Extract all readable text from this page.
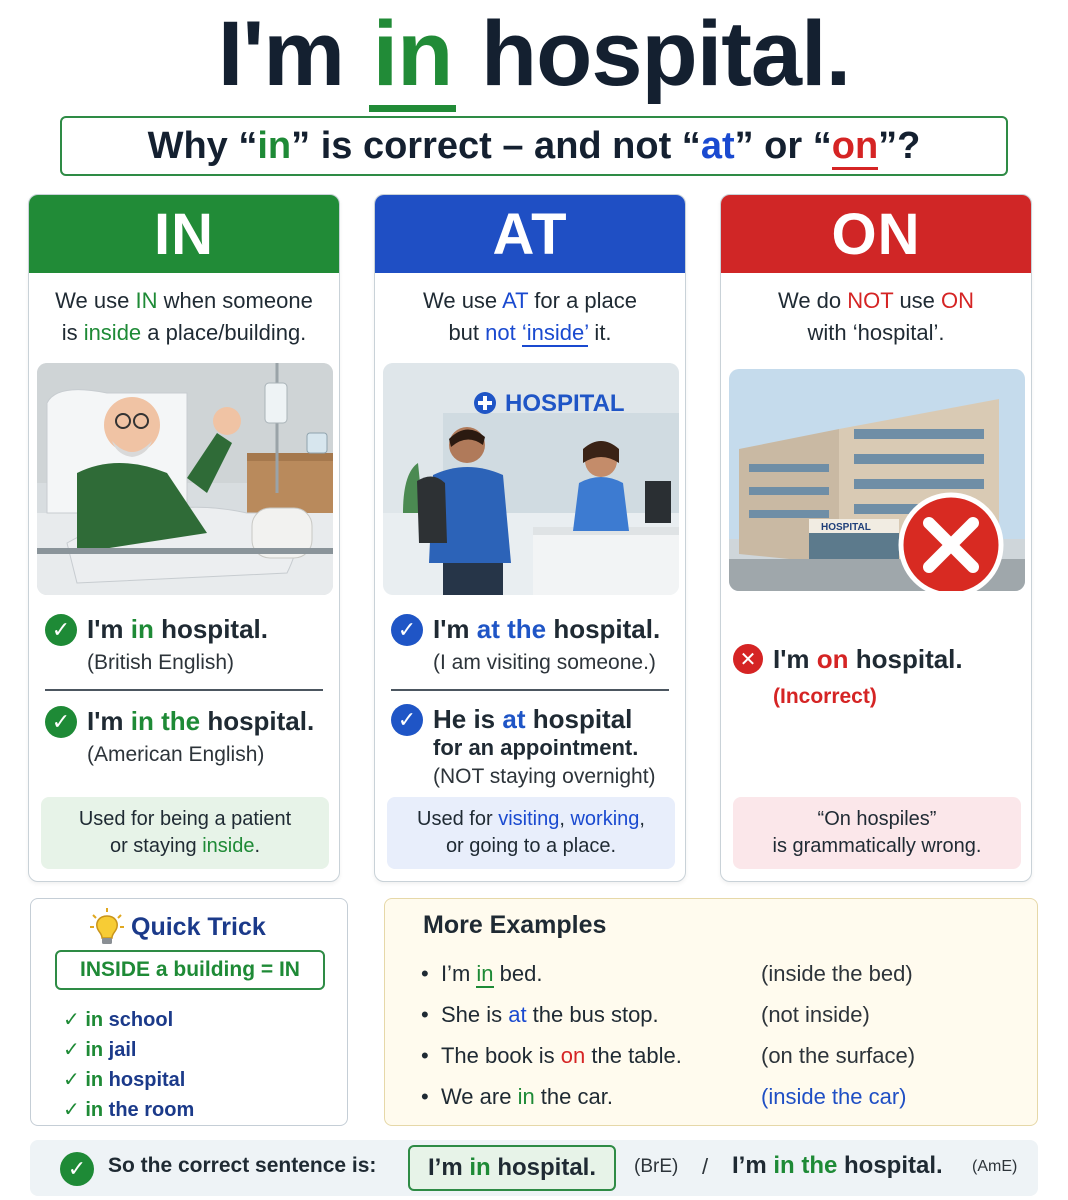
I'm in hospital.
Why “in” is correct – and not “at” or “on”?
IN
We use IN when someone
is inside a place/building.
✓ I'm in hospital.
(British English)
✓ I'm in the hospital.
(American English)
Used for being a patient
or staying inside.
AT
We use AT for a place
but not ‘inside’ it.
HOSPITAL
✓ I'm at the hospital.
(I am visiting someone.)
✓ He is at hospital
for an appointment.
(NOT staying overnight)
Used for visiting, working,
or going to a place.
ON
We do NOT use ON
with ‘hospital’.
HOSPITAL
✕ I'm on hospital.
(Incorrect)
“On hospiles”
is grammatically wrong.
Quick Trick
INSIDE a building = IN
✓ in school
✓ in jail
✓ in hospital
✓ in the room
More Examples
•  I’m in bed.	(inside the bed)
•  She is at the bus stop.	(not inside)
•  The book is on the table.	(on the surface)
•  We are in the car.	(inside the car)
✓	So the correct sentence is:	I’m in hospital.	(BrE) / I’m in the hospital. (AmE)
